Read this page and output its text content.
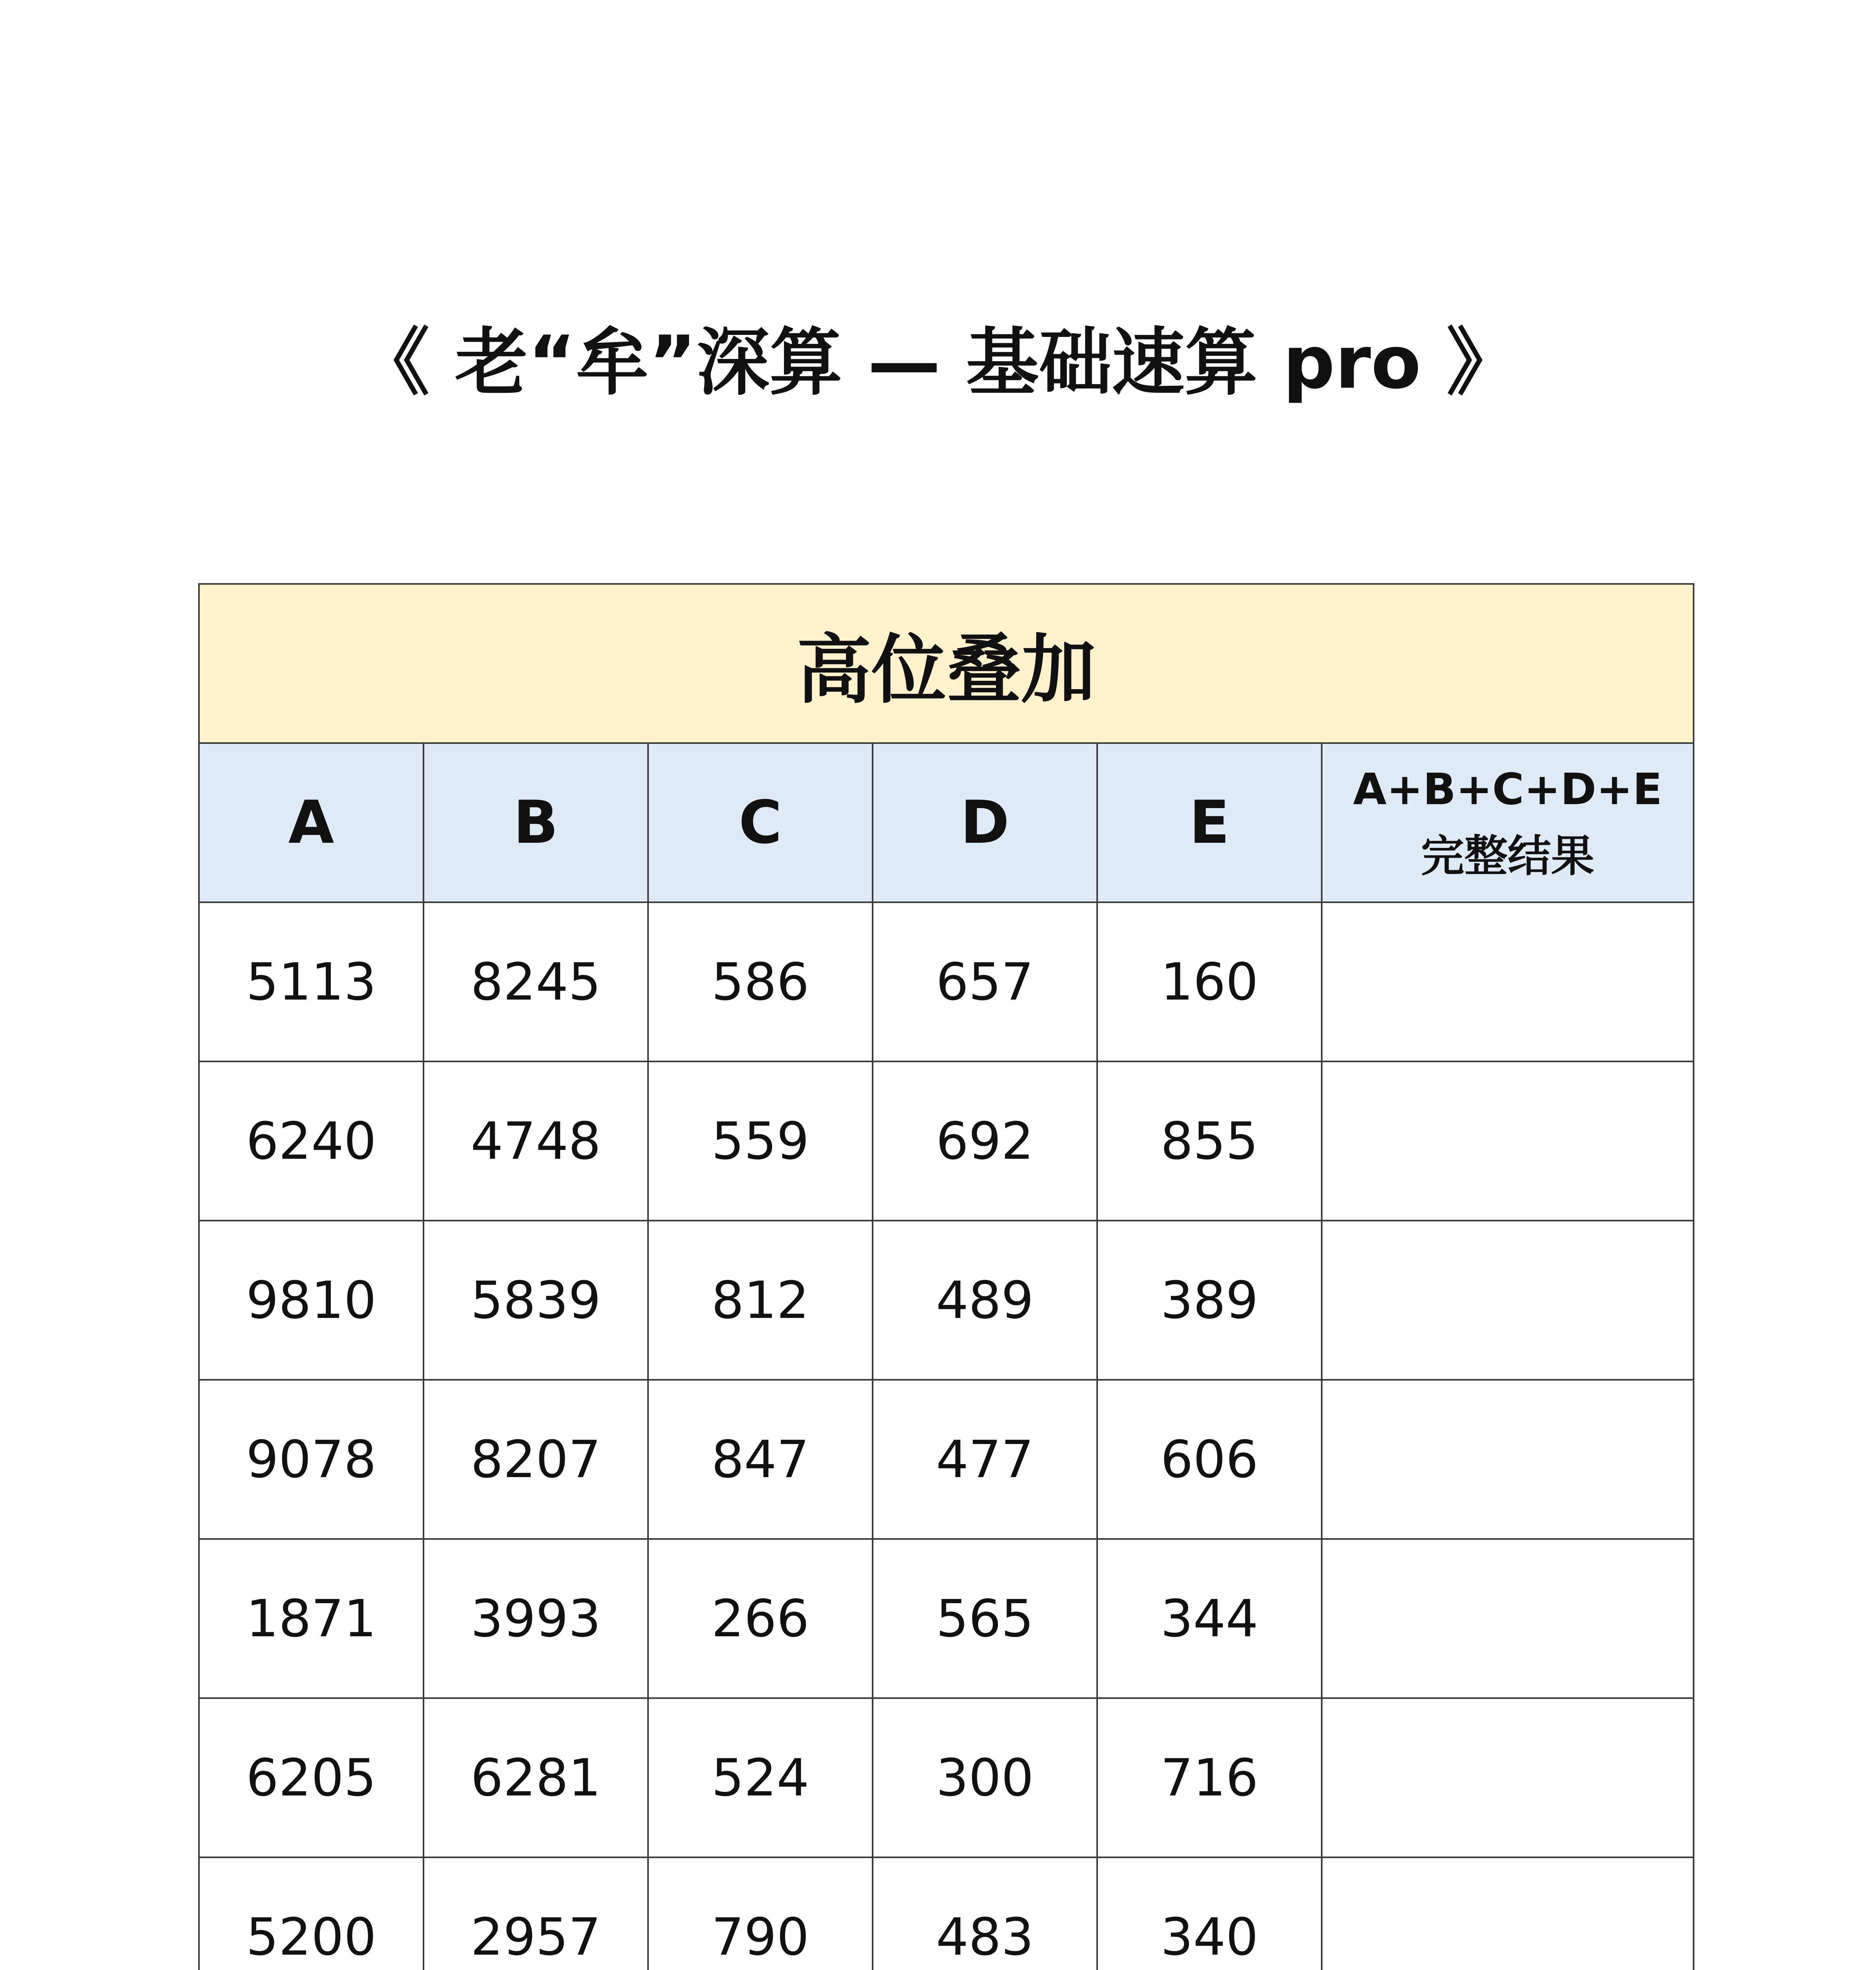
《 老“牟”深算 — 基础速算 pro 》
高位叠加					
A	B	C	D	E	A+B+C+D+E
完整结果

5113	8245	586	657	160	
6240	4748	559	692	855	
9810	5839	812	489	389	
9078	8207	847	477	606	
1871	3993	266	565	344	
6205	6281	524	300	716	
5200	2957	790	483	340	
